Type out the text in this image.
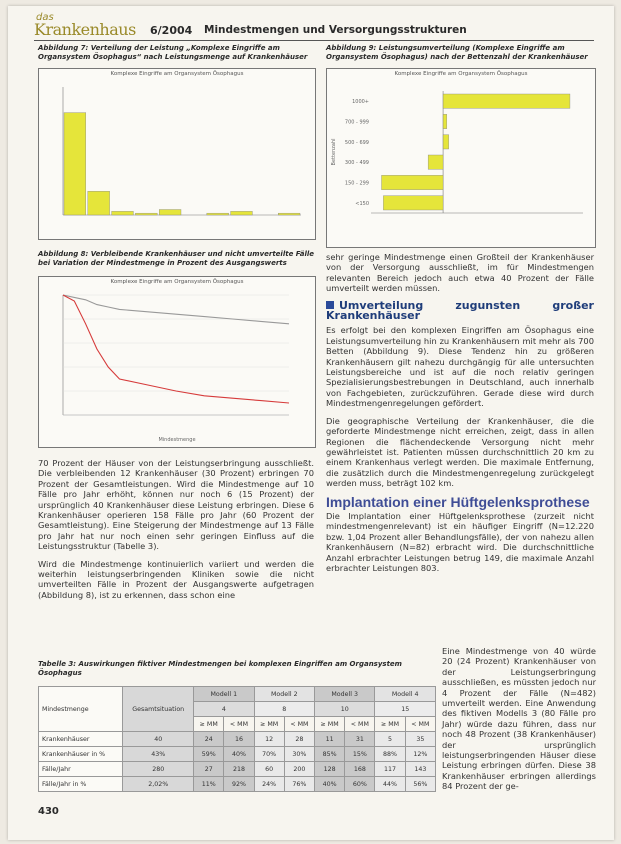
das
Krankenhaus 6/2004 Mindestmengen und Versorgungsstrukturen
Abbildung 7: Verteilung der Leistung „Komplexe Eingriffe am Organsystem Ösophagus“ nach Leistungsmenge auf Krankenhäuser
Komplexe Eingriffe am Organsystem Ösophagus
Abbildung 9: Leistungsumverteilung (Komplexe Eingriffe am Organsystem Ösophagus) nach der Bettenzahl der Krankenhäuser
Komplexe Eingriffe am Organsystem Ösophagus
1000+
700 - 999
500 - 699
300 - 499
150 - 299
<150
Bettenzahl
Abbildung 8: Verbleibende Krankenhäuser und nicht umverteilte Fälle bei Variation der Mindestmenge in Prozent des Ausgangswerts
Komplexe Eingriffe am Organsystem Ösophagus
Mindestmenge

70 Prozent der Häuser von der Leistungserbringung ausschließt. Die verbleibenden 12 Krankenhäuser (30 Prozent) erbringen 70 Prozent der Gesamtleistungen. Wird die Mindestmenge auf 10 Fälle pro Jahr erhöht, können nur noch 6 (15 Prozent) der ursprünglich 40 Krankenhäuser diese Leistung erbringen. Diese 6 Krankenhäuser operieren 158 Fälle pro Jahr (60 Prozent der Gesamtleistung). Eine Steigerung der Mindestmenge auf 13 Fälle pro Jahr hat nur noch einen sehr geringen Einfluss auf die Leistungsstruktur (Tabelle 3).

Wird die Mindestmenge kontinuierlich variiert und werden die weiterhin leistungserbringenden Kliniken sowie die nicht umverteilten Fälle in Prozent der Ausgangswerte aufgetragen (Abbildung 8), ist zu erkennen, dass schon eine

sehr geringe Mindestmenge einen Großteil der Krankenhäuser von der Versorgung ausschließt, im für Mindestmengen relevanten Bereich jedoch auch etwa 40 Prozent der Fälle umverteilt werden müssen.

Umverteilung zugunsten großer Krankenhäuser

Es erfolgt bei den komplexen Eingriffen am Ösophagus eine Leistungsumverteilung hin zu Krankenhäusern mit mehr als 700 Betten (Abbildung 9). Diese Tendenz hin zu größeren Krankenhäusern gilt nahezu durchgängig für alle untersuchten Leistungsbereiche und ist auf die noch relativ geringen Spezialisierungsbestrebungen in Deutschland, auch innerhalb von Fachgebieten, zurückzuführen. Gerade diese wird durch Mindestmengenregelungen gefördert.

Die geographische Verteilung der Krankenhäuser, die die geforderte Mindestmenge nicht erreichen, zeigt, dass in allen Regionen die flächendeckende Versorgung nicht mehr gewährleistet ist. Patienten müssen durchschnittlich 20 km zu einem Krankenhaus verlegt werden. Die maximale Entfernung, die zusätzlich durch die Mindestmengenregelung zurückgelegt werden muss, beträgt 102 km.

Implantation einer Hüftgelenksprothese

Die Implantation einer Hüftgelenksprothese (zurzeit nicht mindestmengenrelevant) ist ein häufiger Eingriff (N=12.220 bzw. 1,04 Prozent aller Behandlungsfälle), der von nahezu allen Krankenhäusern (N=82) erbracht wird. Die durchschnittliche Anzahl erbrachter Leistungen betrug 149, die maximale Anzahl erbrachter Leistungen 803.

Eine Mindestmenge von 40 würde 20 (24 Prozent) Krankenhäuser von der Leistungserbringung ausschließen, es müssten jedoch nur 4 Prozent der Fälle (N=482) umverteilt werden. Eine Anwendung des fiktiven Modells 3 (80 Fälle pro Jahr) würde dazu führen, dass nur noch 48 Prozent (38 Krankenhäuser) der ursprünglich leistungserbringenden Häuser diese Leistung erbringen dürfen. Diese 38 Krankenhäuser erbringen allerdings 84 Prozent der ge-

Tabelle 3: Auswirkungen fiktiver Mindestmengen bei komplexen Eingriffen am Organsystem Ösophagus
Mindestmenge	Gesamtsituation	Modell 1		Modell 2		Modell 3		Modell 4	
		4		8		10		15	
		≥ MM	< MM	≥ MM	< MM	≥ MM	< MM	≥ MM	< MM
Krankenhäuser	40	24	16	12	28	11	31	5	35
Krankenhäuser in %	43%	59%	40%	70%	30%	85%	15%	88%	12%
Fälle/Jahr	280	27	218	60	200	128	168	117	143
Fälle/Jahr in %	2,02%	11%	92%	24%	76%	40%	60%	44%	56%
430
